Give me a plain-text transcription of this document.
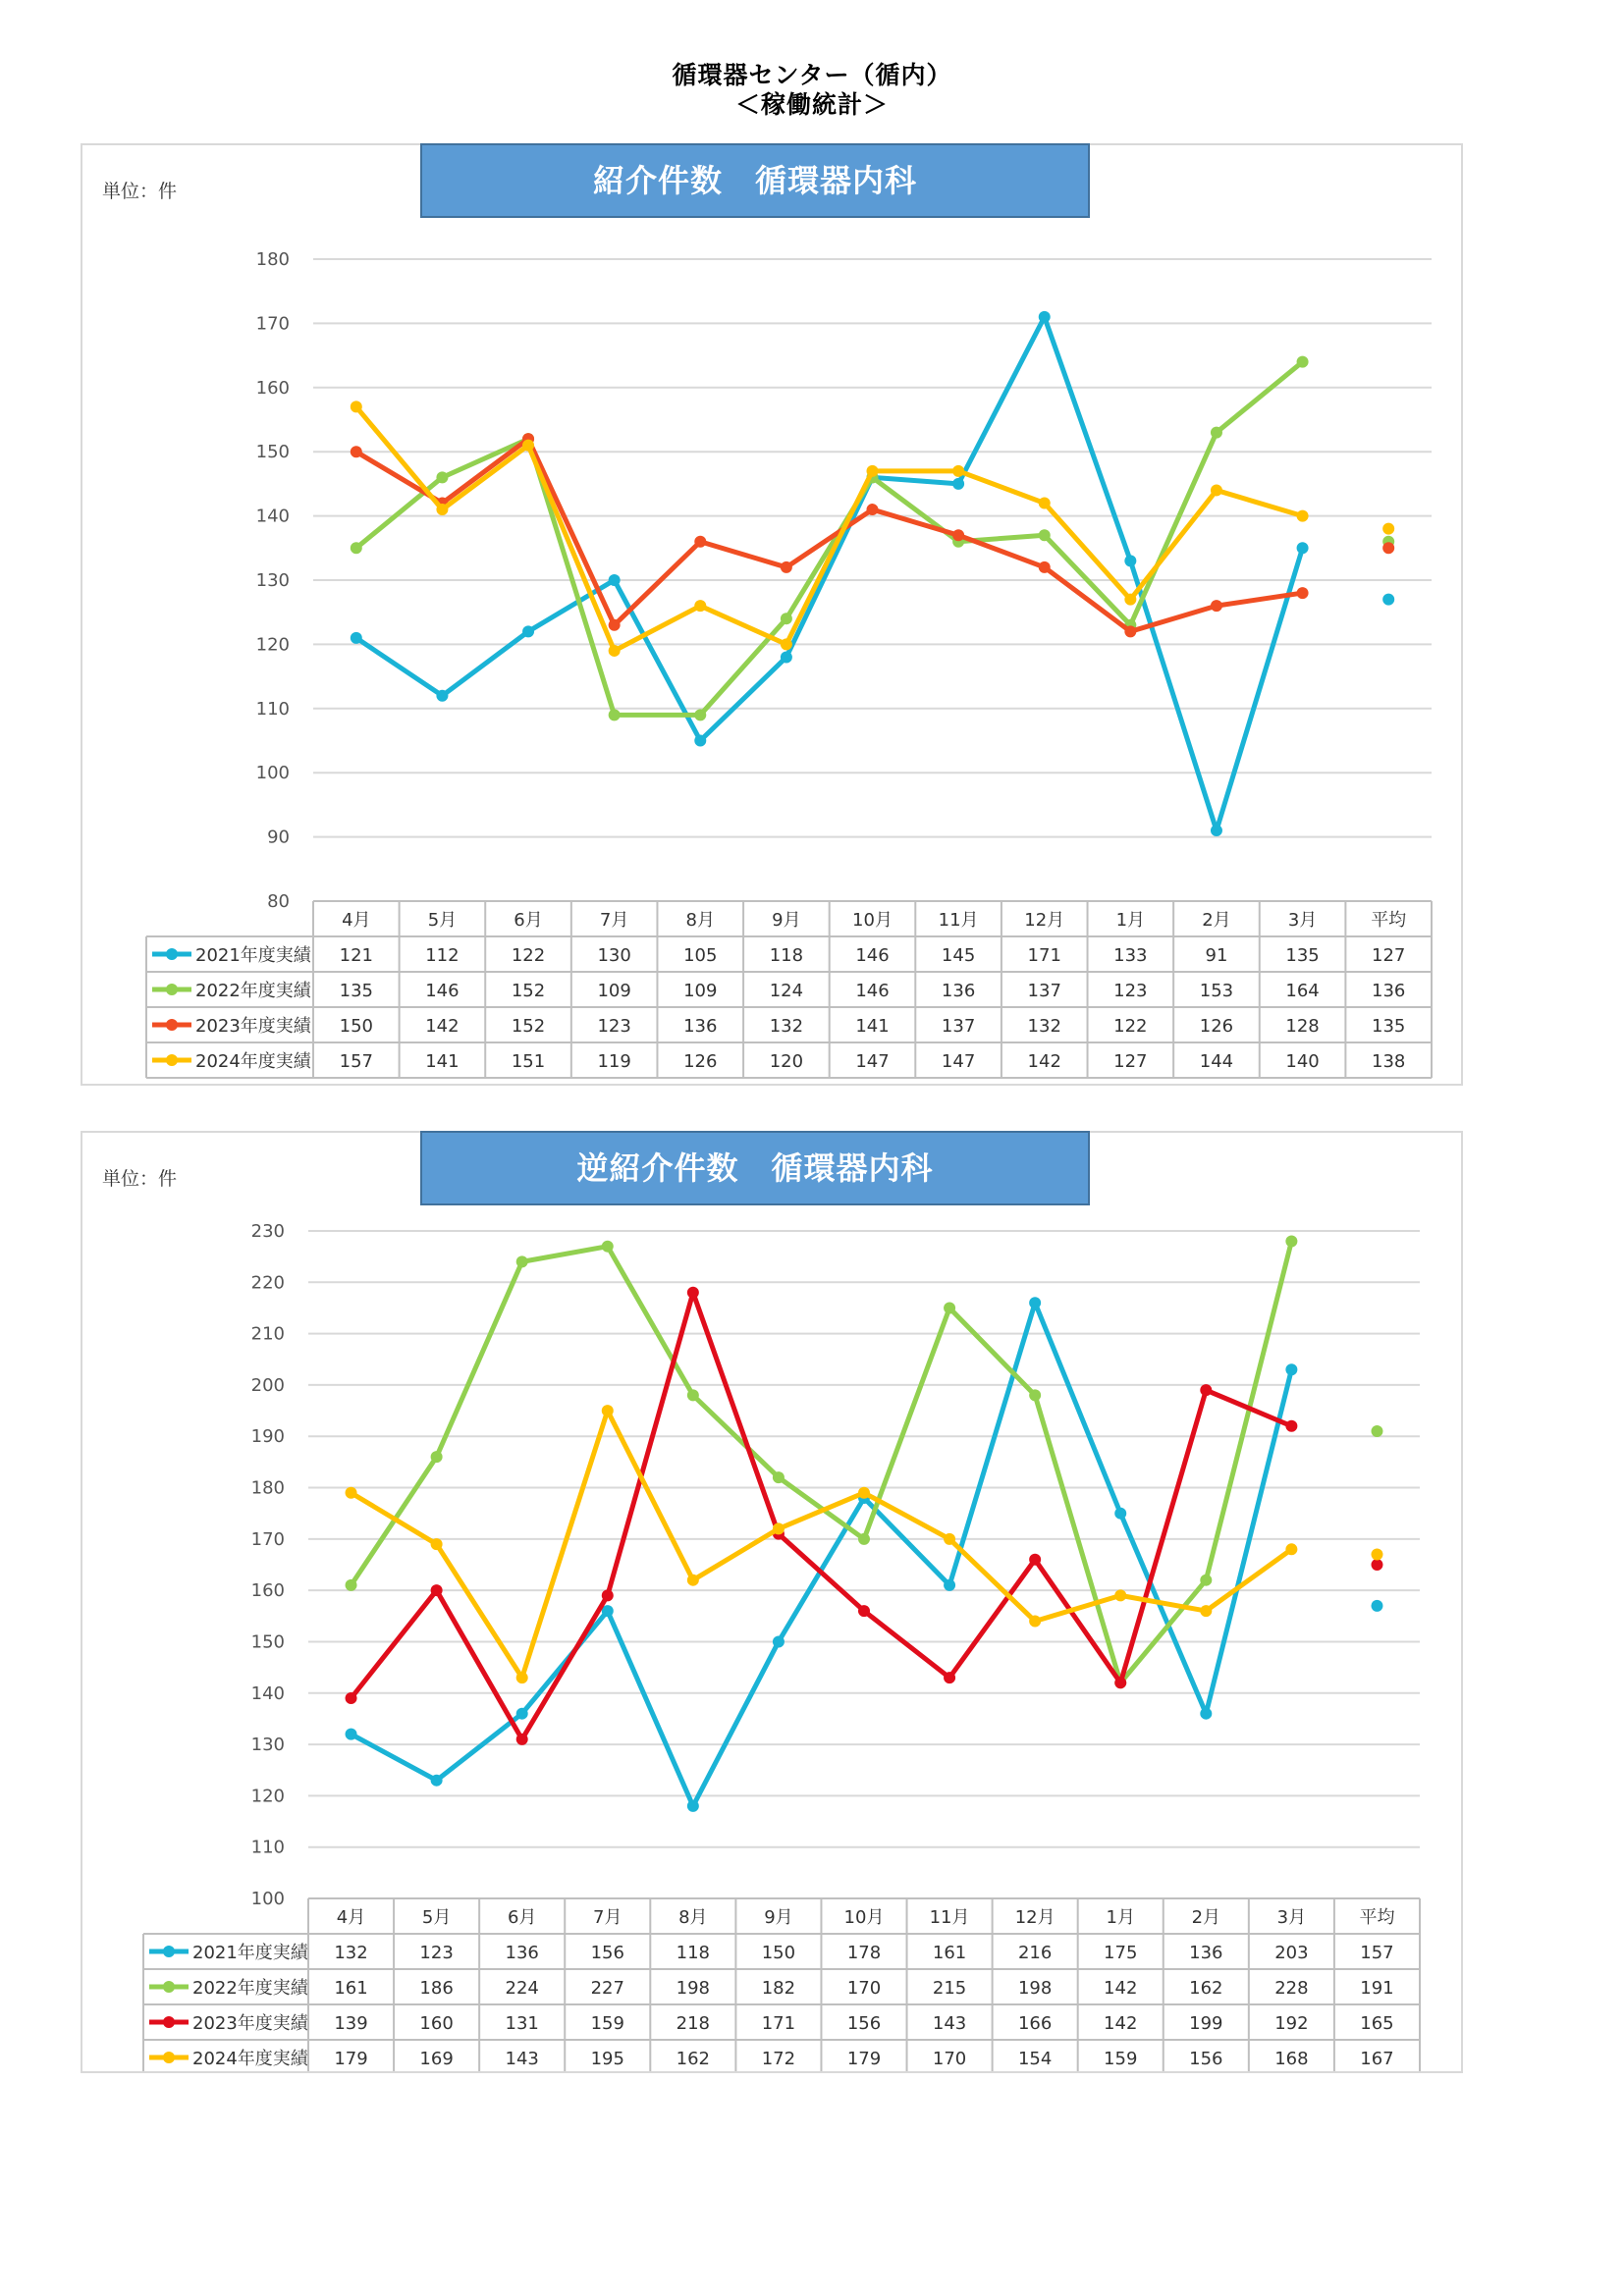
循環器センター（循内）
＜稼働統計＞
80
90
100
110
120
130
140
150
160
170
180
4月	5月	6月	7月	8月	9月	10月	11月	12月	1月	2月	3月	平均
2021年度実績 121	112	122	130	105	118	146	145	171	133	91	135	127
2022年度実績 135	146	152	109	109	124	146	136	137	123	153	164	136
2023年度実績 150	142	152	123	136	132	141	137	132	122	126	128	135
2024年度実績 157	141	151	119	126	120	147	147	142	127	144	140	138
紹介件数　循環器内科
単位：件
100
110
120
130
140
150
160
170
180
190
200
210
220
230
4月	5月	6月	7月	8月	9月	10月	11月	12月	1月	2月	3月	平均
2021年度実績 132	123	136	156	118	150	178	161	216	175	136	203	157
2022年度実績 161	186	224	227	198	182	170	215	198	142	162	228	191
2023年度実績 139	160	131	159	218	171	156	143	166	142	199	192	165
2024年度実績 179	169	143	195	162	172	179	170	154	159	156	168	167
逆紹介件数　循環器内科
単位：件
